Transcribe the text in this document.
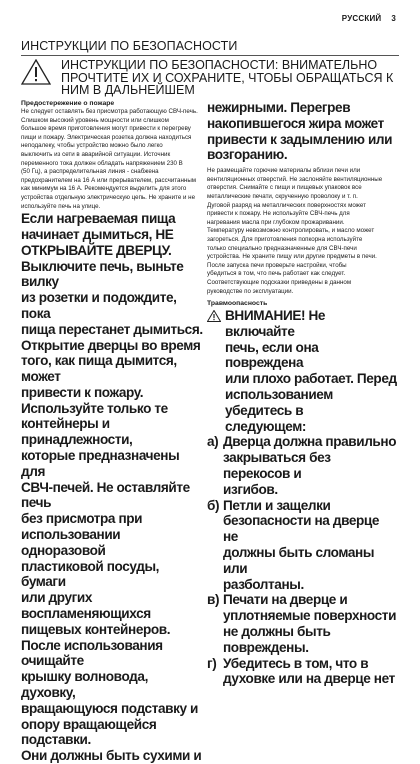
РУССКИЙ 3
ИНСТРУКЦИИ ПО БЕЗОПАСНОСТИ
ИНСТРУКЦИИ ПО БЕЗОПАСНОСТИ: ВНИМАТЕЛЬНО
ПРОЧТИТЕ ИХ И СОХРАНИТЕ, ЧТОБЫ ОБРАЩАТЬСЯ К
НИМ В ДАЛЬНЕЙШЕМ
Предостережение о пожаре
Не следует оставлять без присмотра работающую СВЧ-печь.
Слишком высокий уровень мощности или слишком
большое время приготовления могут привести к перегреву
пищи и пожару. Электрическая розетка должна находиться
неподалеку, чтобы устройство можно было легко
выключить из сети в аварийной ситуации. Источник
переменного тока должен обладать напряжением 230 В
(50 Гц), а распределительная линия - снабжена
предохранителем на 16 А или прерывателем, рассчитанным
как минимум на 16 А. Рекомендуется выделить для этого
устройства отдельную электрическую цепь. Не храните и не
используйте печь на улице.
Если нагреваемая пища
начинает дымиться, НЕ
ОТКРЫВАЙТЕ ДВЕРЦУ.
Выключите печь, выньте вилку
из розетки и подождите, пока
пища перестанет дымиться.
Открытие дверцы во время
того, как пища дымится, может
привести к пожару.
Используйте только те
контейнеры и принадлежности,
которые предназначены для
СВЧ-печей. Не оставляйте печь
без присмотра при
использовании одноразовой
пластиковой посуды, бумаги
или других воспламеняющихся
пищевых контейнеров.
После использования очищайте
крышку волновода, духовку,
вращающуюся подставку и
опору вращающейся подставки.
Они должны быть сухими и
нежирными. Перегрев
накопившегося жира может
привести к задымлению или
возгоранию.
Не размещайте горючие материалы вблизи печи или
вентиляционных отверстий. Не заслоняйте вентиляционные
отверстия. Снимайте с пищи и пищевых упаковок все
металлические печати, скрученную проволоку и т. п.
Дуговой разряд на металлических поверхностях может
привести к пожару. Не используйте СВЧ-печь для
нагревания масла при глубоком прожаривании.
Температуру невозможно контролировать, и масло может
загореться. Для приготовления попкорна используйте
только специально предназначенные для СВЧ-печи
устройства. Не храните пищу или другие предметы в печи.
После запуска печи проверьте настройки, чтобы
убедиться в том, что печь работает как следует.
Соответствующие подсказки приведены в данном
руководстве по эксплуатации.
Травмоопасность
ВНИМАНИЕ! Не включайте
печь, если она повреждена
или плохо работает. Перед
использованием убедитесь в
следующем:
а) Дверца должна правильно
закрываться без перекосов и
изгибов.
б) Петли и защелки
безопасности на дверце не
должны быть сломаны или
разболтаны.
в) Печати на дверце и
уплотняемые поверхности
не должны быть
повреждены.
г) Убедитесь в том, что в
духовке или на дверце нет
